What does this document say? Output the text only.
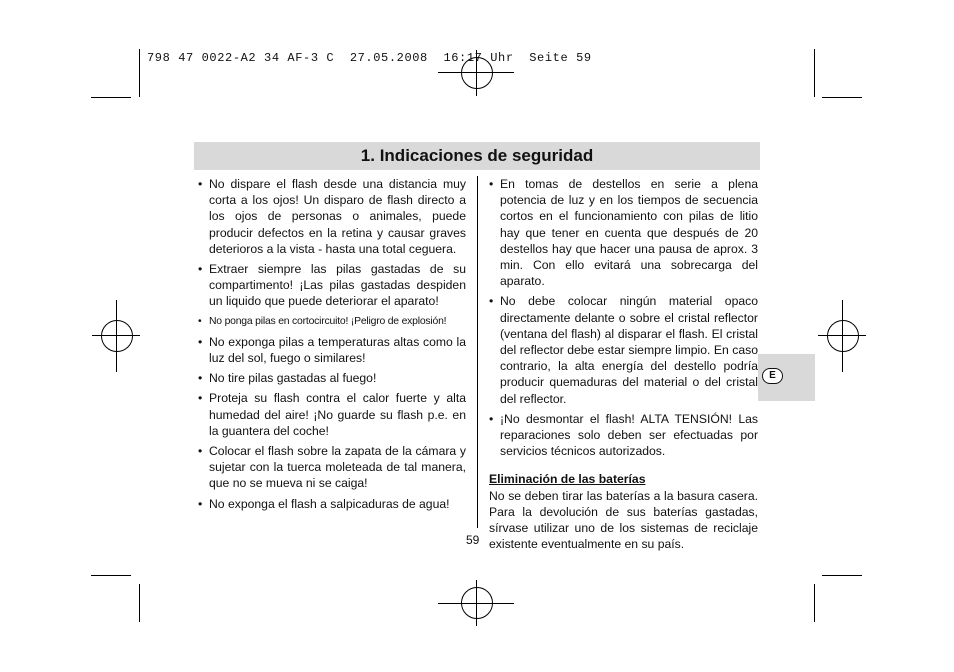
798 47 0022-A2 34 AF-3 C  27.05.2008  16:17 Uhr  Seite 59
1. Indicaciones de seguridad

• No dispare el flash desde una distancia muy corta a los ojos! Un disparo de flash directo a los ojos de personas o animales, puede producir defectos en la retina y causar graves deterioros a la vista - hasta una total ceguera.

• Extraer siempre las pilas gastadas de su compartimento! ¡Las pilas gastadas despiden un liquido que puede deteriorar el aparato!

• No ponga pilas en cortocircuito! ¡Peligro de explosión!

• No exponga pilas a temperaturas altas como la luz del sol, fuego o similares!

• No tire pilas gastadas al fuego!

• Proteja su flash contra el calor fuerte y alta humedad del aire! ¡No guarde su flash p.e. en la guantera del coche!

• Colocar el flash sobre la zapata de la cámara y sujetar con la tuerca moleteada de tal manera, que no se mueva ni se caiga!

• No exponga el flash a salpicaduras de agua!

• En tomas de destellos en serie a plena potencia de luz y en los tiempos de secuencia cortos en el funcionamiento con pilas de litio hay que tener en cuenta que después de 20 destellos hay que hacer una pausa de aprox. 3 min. Con ello evitará una sobrecarga del aparato.

• No debe colocar ningún material opaco directamente delante o sobre el cristal reflector (ventana del flash) al disparar el flash. El cristal del reflector debe estar siempre limpio. En caso contrario, la alta energía del destello podría producir quemaduras del material o del cristal del reflector.

• ¡No desmontar el flash! ALTA TENSIÓN! Las reparaciones solo deben ser efectuadas por servicios técnicos autorizados.

Eliminación de las baterías

No se deben tirar las baterías a la basura casera. Para la devolución de sus baterías gastadas, sírvase utilizar uno de los sistemas de reciclaje existente eventualmente en su país.

59
E
